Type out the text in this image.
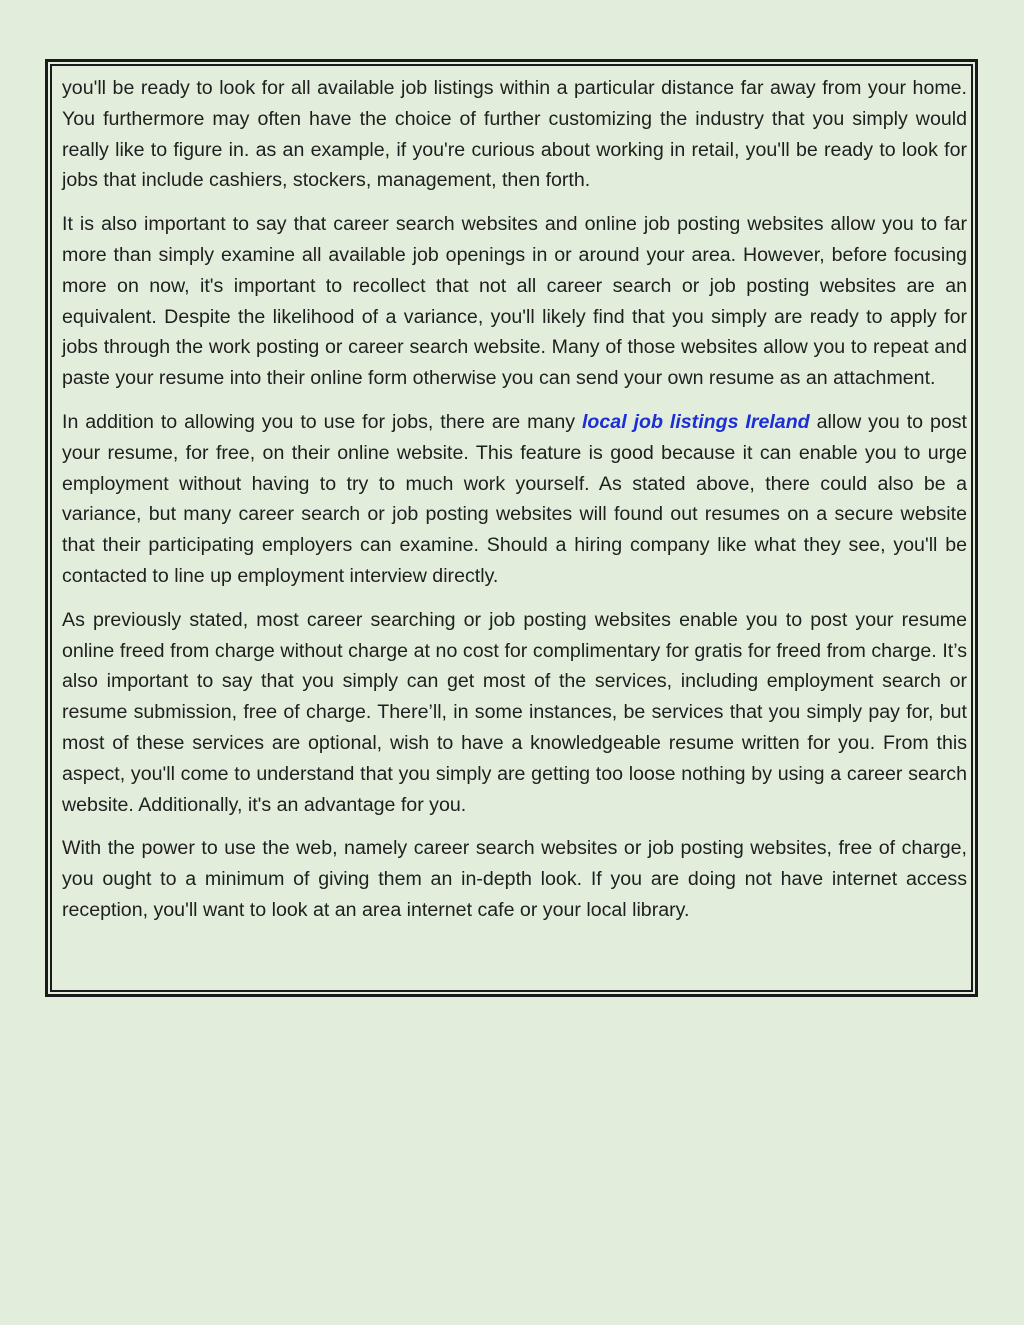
you'll be ready to look for all available job listings within a particular distance far away from your home. You furthermore may often have the choice of further customizing the industry that you simply would really like to figure in. as an example, if you're curious about working in retail, you'll be ready to look for jobs that include cashiers, stockers, management, then forth.

It is also important to say that career search websites and online job posting websites allow you to far more than simply examine all available job openings in or around your area. However, before focusing more on now, it's important to recollect that not all career search or job posting websites are an equivalent. Despite the likelihood of a variance, you'll likely find that you simply are ready to apply for jobs through the work posting or career search website. Many of those websites allow you to repeat and paste your resume into their online form otherwise you can send your own resume as an attachment.

In addition to allowing you to use for jobs, there are many local job listings Ireland allow you to post your resume, for free, on their online website. This feature is good because it can enable you to urge employment without having to try to much work yourself. As stated above, there could also be a variance, but many career search or job posting websites will found out resumes on a secure website that their participating employers can examine. Should a hiring company like what they see, you'll be contacted to line up employment interview directly.

As previously stated, most career searching or job posting websites enable you to post your resume online freed from charge without charge at no cost for complimentary for gratis for freed from charge. It’s also important to say that you simply can get most of the services, including employment search or resume submission, free of charge. There’ll, in some instances, be services that you simply pay for, but most of these services are optional, wish to have a knowledgeable resume written for you. From this aspect, you'll come to understand that you simply are getting too loose nothing by using a career search website. Additionally, it's an advantage for you.

With the power to use the web, namely career search websites or job posting websites, free of charge, you ought to a minimum of giving them an in-depth look. If you are doing not have internet access reception, you'll want to look at an area internet cafe or your local library.
